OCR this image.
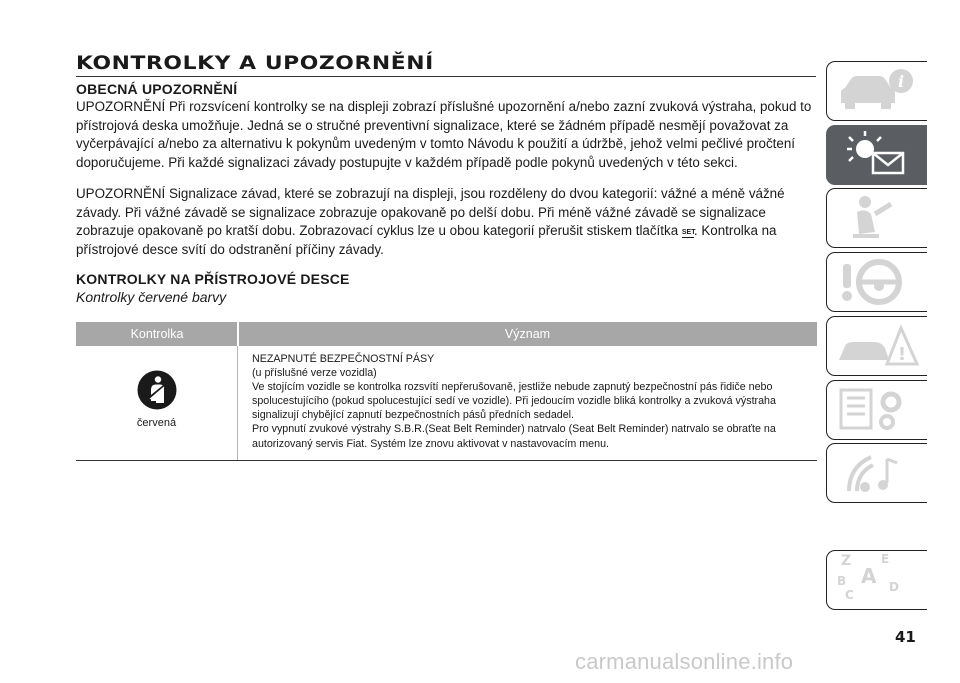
KONTROLKY A UPOZORNĚNÍ
OBECNÁ UPOZORNĚNÍ
UPOZORNĚNÍ Při rozsvícení kontrolky se na displeji zobrazí příslušné upozornění a/nebo zazní zvuková výstraha, pokud to přístrojová deska umožňuje. Jedná se o stručné preventivní signalizace, které se žádném případě nesmějí považovat za vyčerpávající a/nebo za alternativu k pokynům uvedeným v tomto Návodu k použití a údržbě, jehož velmi pečlivé pročtení doporučujeme. Při každé signalizaci závady postupujte v každém případě podle pokynů uvedených v této sekci.
UPOZORNĚNÍ Signalizace závad, které se zobrazují na displeji, jsou rozděleny do dvou kategorií: vážné a méně vážné závady. Při vážné závadě se signalizace zobrazuje opakovaně po delší dobu. Při méně vážné závadě se signalizace zobrazuje opakovaně po kratší dobu. Zobrazovací cyklus lze u obou kategorií přerušit stiskem tlačítka SET
. Kontrolka na přístrojové desce svítí do odstranění příčiny závady.
KONTROLKY NA PŘÍSTROJOVÉ DESCE
Kontrolky červené barvy
Kontrolka	Význam
červená
NEZAPNUTÉ BEZPEČNOSTNÍ PÁSY
(u příslušné verze vozidla)
Ve stojícím vozidle se kontrolka rozsvítí nepřerušovaně, jestliže nebude zapnutý bezpečnostní pás řidiče nebo spolucestujícího (pokud spolucestující sedí ve vozidle). Při jedoucím vozidle bliká kontrolky a zvuková výstraha signalizují chybějící zapnutí bezpečnostních pásů předních sedadel.
Pro vypnutí zvukové výstrahy S.B.R.(Seat Belt Reminder) natrvalo (Seat Belt Reminder) natrvalo se obraťte na autorizovaný servis Fiat. Systém lze znovu aktivovat v nastavovacím menu.
i
!
Z E
B A
C
D
41
carmanualsonline.info
